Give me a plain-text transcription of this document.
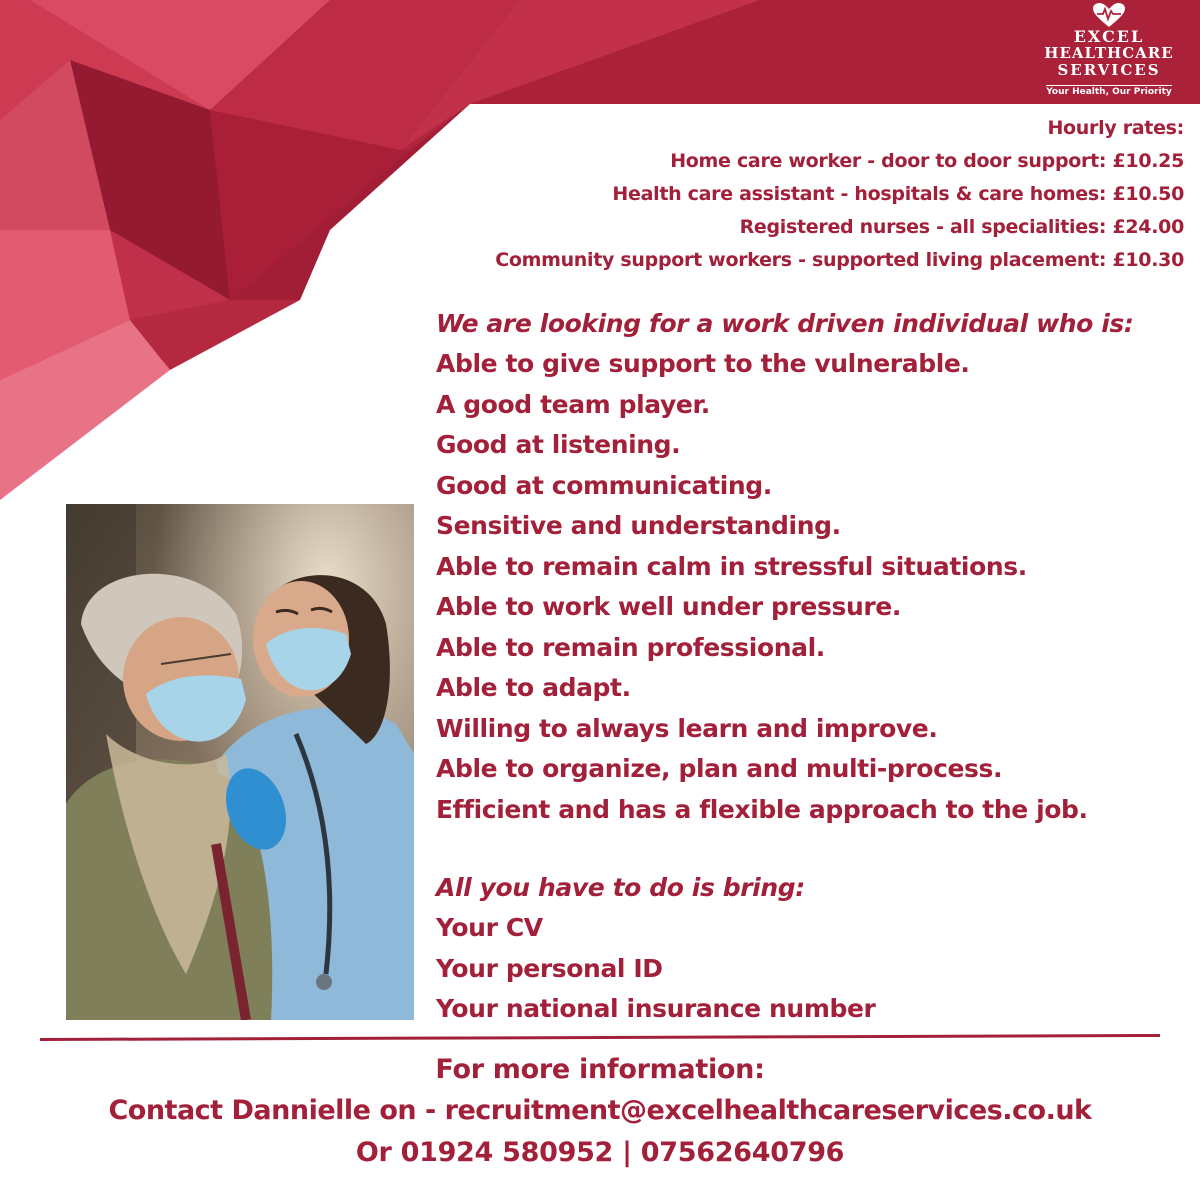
EXCEL
HEALTHCARE
SERVICES
Your Health, Our Priority
Hourly rates:
Home care worker - door to door support: £10.25
Health care assistant - hospitals & care homes: £10.50
Registered nurses - all specialities: £24.00
Community support workers - supported living placement: £10.30
We are looking for a work driven individual who is:
Able to give support to the vulnerable.
A good team player.
Good at listening.
Good at communicating.
Sensitive and understanding.
Able to remain calm in stressful situations.
Able to work well under pressure.
Able to remain professional.
Able to adapt.
Willing to always learn and improve.
Able to organize, plan and multi-process.
Efficient and has a flexible approach to the job.
All you have to do is bring:
Your CV
Your personal ID
Your national insurance number
For more information:
Contact Dannielle on - recruitment@excelhealthcareservices.co.uk
Or 01924 580952 | 07562640796
